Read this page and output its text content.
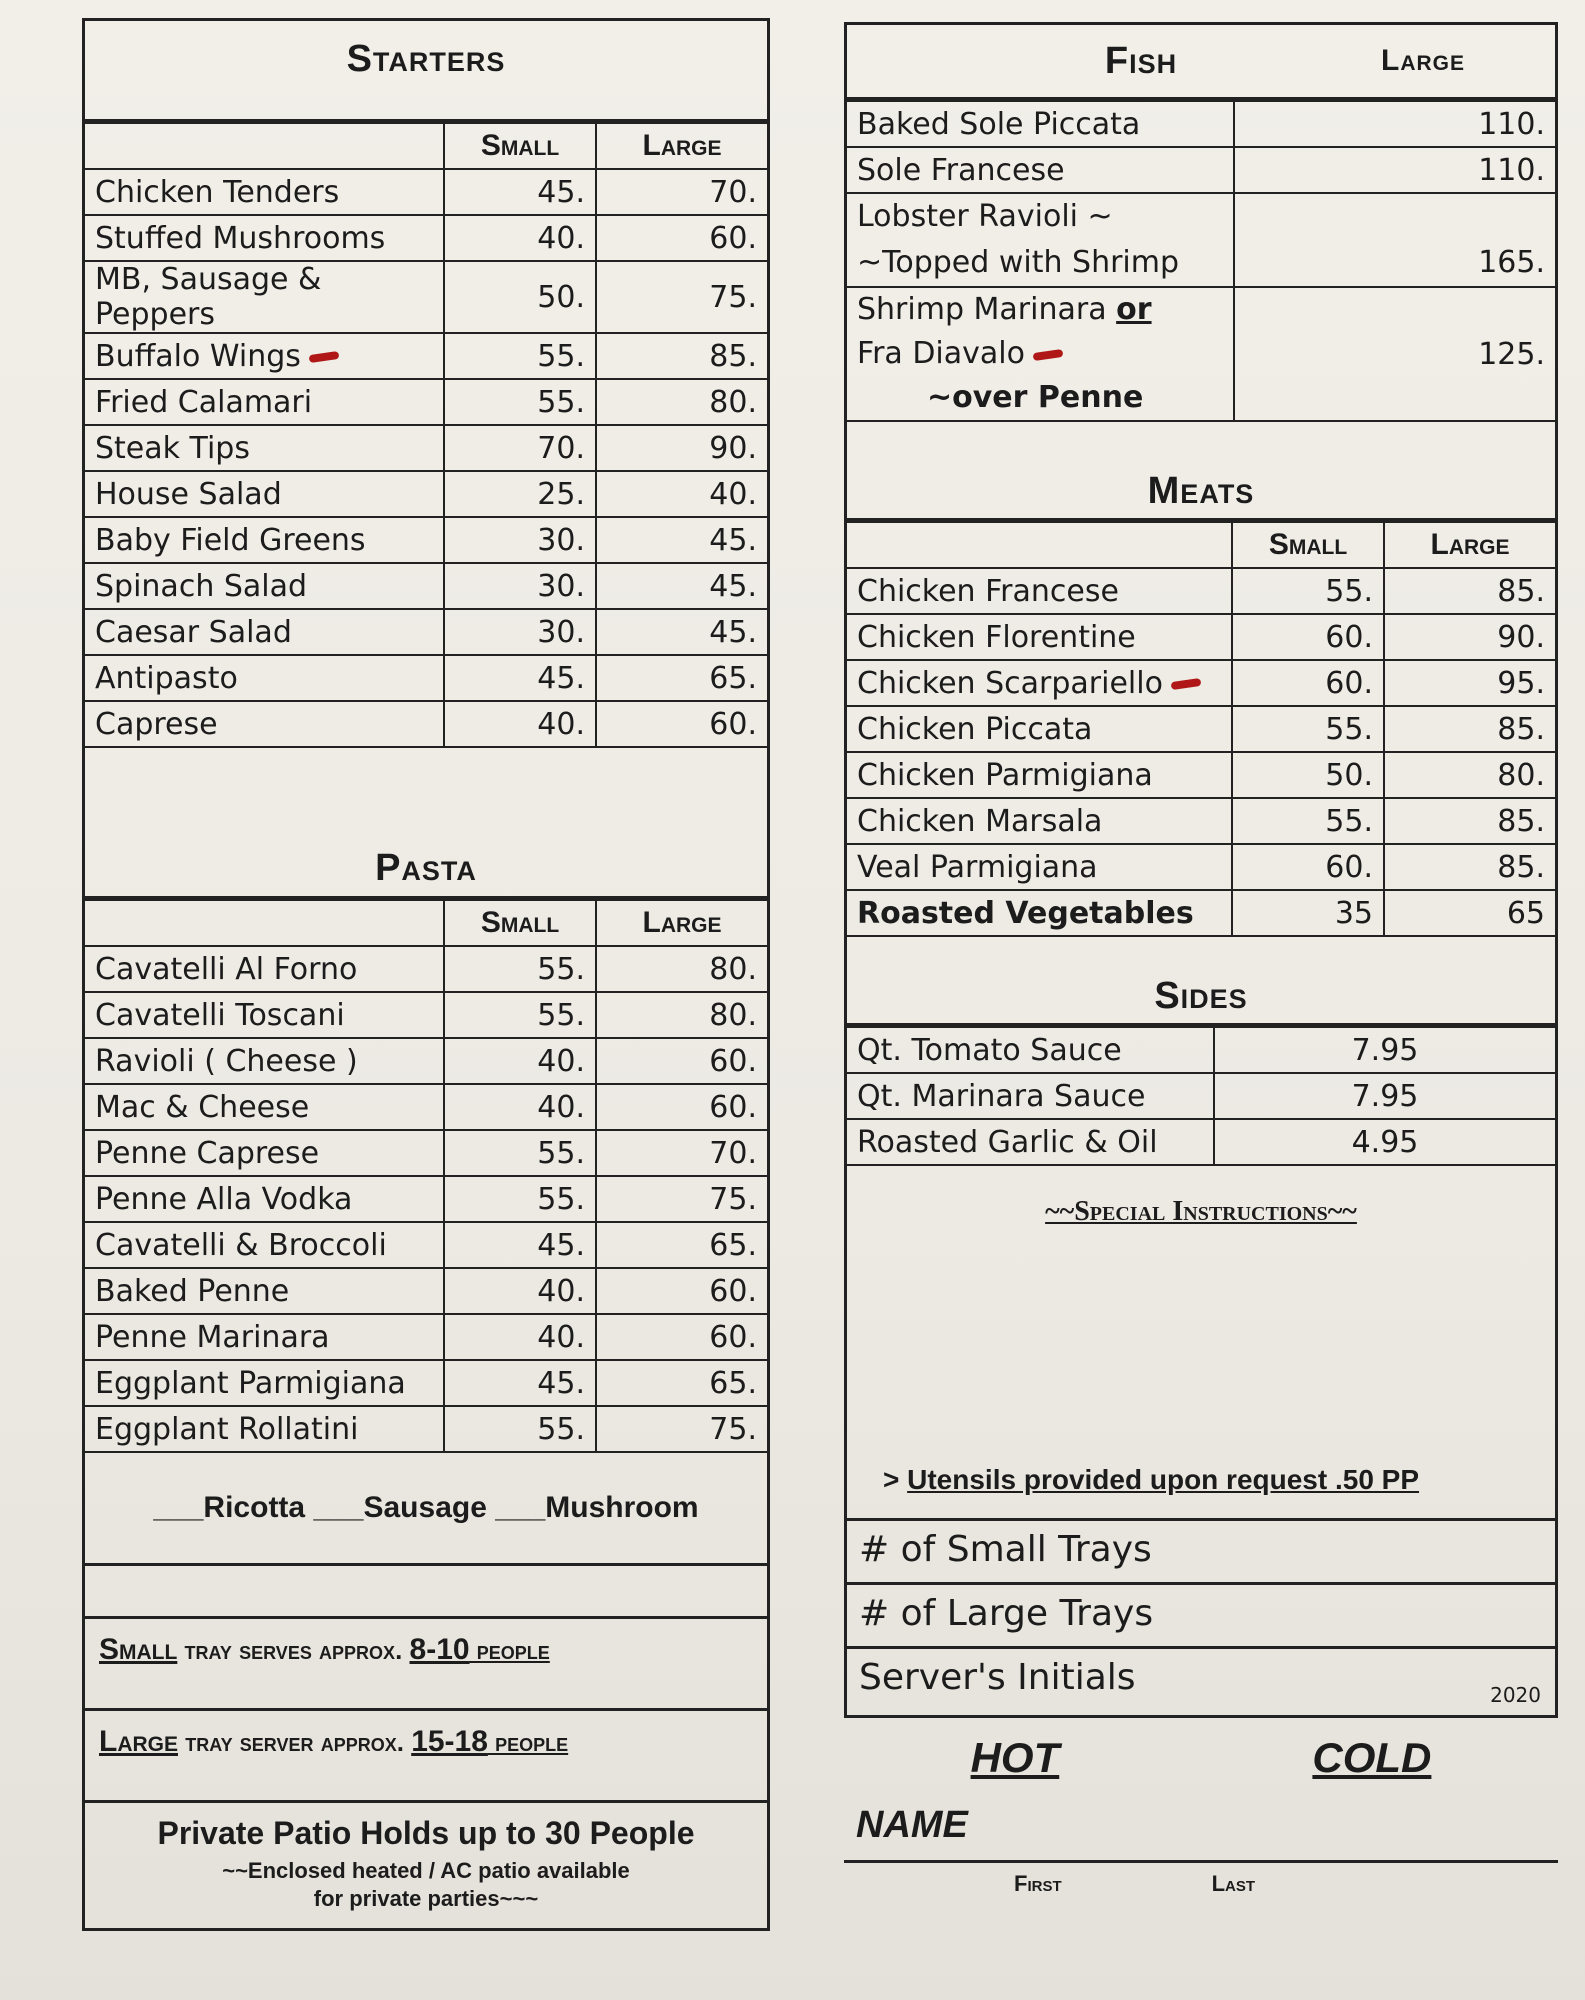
Starters
	Small	Large
Chicken Tenders	45.	70.
Stuffed Mushrooms	40.	60.
MB, Sausage & Peppers	50.	75.
Buffalo Wings	55.	85.
Fried Calamari	55.	80.
Steak Tips	70.	90.
House Salad	25.	40.
Baby Field Greens	30.	45.
Spinach Salad	30.	45.
Caesar Salad	30.	45.
Antipasto	45.	65.
Caprese	40.	60.
Pasta
	Small	Large
Cavatelli Al Forno	55.	80.
Cavatelli Toscani	55.	80.
Ravioli ( Cheese )	40.	60.
Mac & Cheese	40.	60.
Penne Caprese	55.	70.
Penne Alla Vodka	55.	75.
Cavatelli & Broccoli	45.	65.
Baked Penne	40.	60.
Penne Marinara	40.	60.
Eggplant Parmigiana	45.	65.
Eggplant Rollatini	55.	75.
___Ricotta ___Sausage ___Mushroom
Small tray serves approx. 8-10 people
Large tray server approx. 15-18 people
Private Patio Holds up to 30 People
~~Enclosed heated / AC patio available
for private parties~~~
Fish	Large
Baked Sole Piccata	110.
Sole Francese	110.
Lobster Ravioli ~
~Topped with Shrimp	165.
Shrimp Marinara or
Fra Diavalo
~over Penne	125.
Meats
	Small	Large
Chicken Francese	55.	85.
Chicken Florentine	60.	90.
Chicken Scarpariello	60.	95.
Chicken Piccata	55.	85.
Chicken Parmigiana	50.	80.
Chicken Marsala	55.	85.
Veal Parmigiana	60.	85.
Roasted Vegetables	35	65
Sides
Qt. Tomato Sauce	7.95
Qt. Marinara Sauce	7.95
Roasted Garlic & Oil	4.95
~~Special Instructions~~
> Utensils provided upon request .50 PP
# of Small Trays
# of Large Trays
Server's Initials	2020
HOT	COLD
NAME
First	Last
